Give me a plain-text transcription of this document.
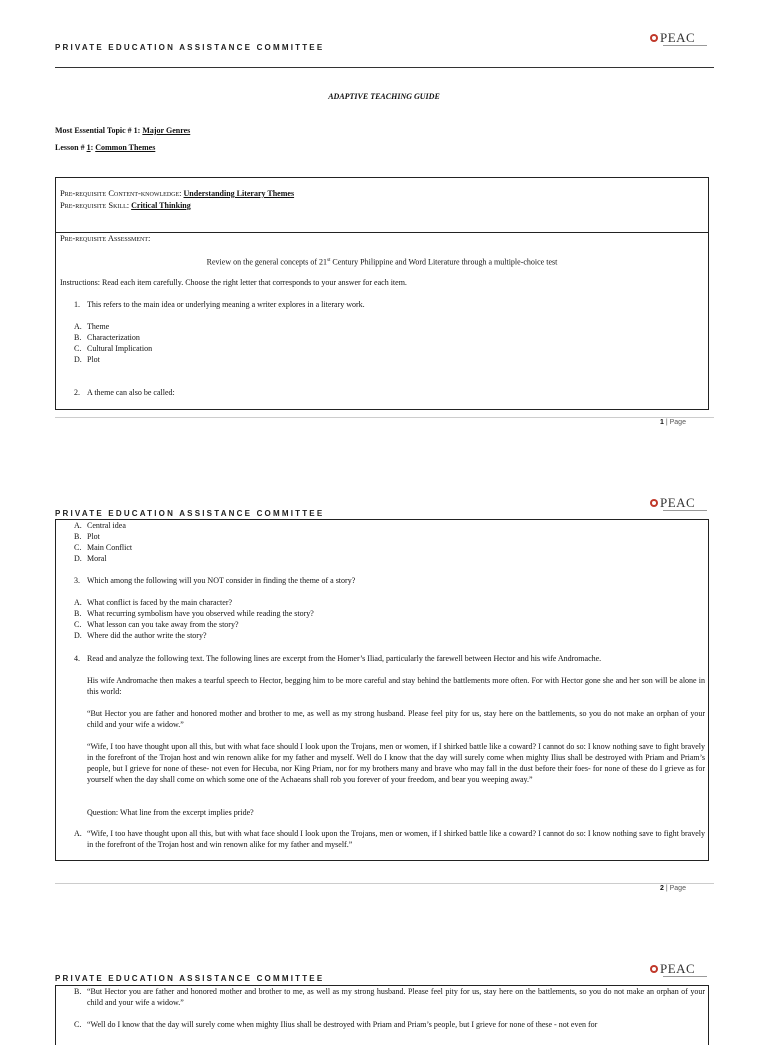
PRIVATE EDUCATION ASSISTANCE COMMITTEE
PEAC
ADAPTIVE TEACHING GUIDE
Most Essential Topic # 1: Major Genres
Lesson # 1: Common Themes
Pre-requisite Content-knowledge: Understanding Literary Themes
Pre-requisite Skill: Critical Thinking
Pre-requisite Assessment:
Review on the general concepts of 21st Century Philippine and Word Literature through a multiple-choice test
Instructions: Read each item carefully. Choose the right letter that corresponds to your answer for each item.
1. This refers to the main idea or underlying meaning a writer explores in a literary work.
A. Theme
B. Characterization
C. Cultural Implication
D. Plot
2. A theme can also be called:
1 | Page
PRIVATE EDUCATION ASSISTANCE COMMITTEE
PEAC
A. Central idea
B. Plot
C. Main Conflict
D. Moral
3. Which among the following will you NOT consider in finding the theme of a story?
A. What conflict is faced by the main character?
B. What recurring symbolism have you observed while reading the story?
C. What lesson can you take away from the story?
D. Where did the author write the story?
4. Read and analyze the following text. The following lines are excerpt from the Homer’s Iliad, particularly the farewell between Hector and his wife Andromache.
His wife Andromache then makes a tearful speech to Hector, begging him to be more careful and stay behind the battlements more often. For with Hector gone she and her son will be alone in this world:
“But Hector you are father and honored mother and brother to me, as well as my strong husband. Please feel pity for us, stay here on the battlements, so you do not make an orphan of your child and your wife a widow.”
“Wife, I too have thought upon all this, but with what face should I look upon the Trojans, men or women, if I shirked battle like a coward? I cannot do so: I know nothing save to fight bravely in the forefront of the Trojan host and win renown alike for my father and myself. Well do I know that the day will surely come when mighty Ilius shall be destroyed with Priam and Priam’s people, but I grieve for none of these- not even for Hecuba, nor King Priam, nor for my brothers many and brave who may fall in the dust before their foes- for none of these do I grieve as for yourself when the day shall come on which some one of the Achaeans shall rob you forever of your freedom, and bear you weeping away.”
Question: What line from the excerpt implies pride?
A. “Wife, I too have thought upon all this, but with what face should I look upon the Trojans, men or women, if I shirked battle like a coward? I cannot do so: I know nothing save to fight bravely in the forefront of the Trojan host and win renown alike for my father and myself.”
2 | Page
PRIVATE EDUCATION ASSISTANCE COMMITTEE
PEAC
B. “But Hector you are father and honored mother and brother to me, as well as my strong husband. Please feel pity for us, stay here on the battlements, so you do not make an orphan of your child and your wife a widow.”
C. “Well do I know that the day will surely come when mighty Ilius shall be destroyed with Priam and Priam’s people, but I grieve for none of these - not even for
